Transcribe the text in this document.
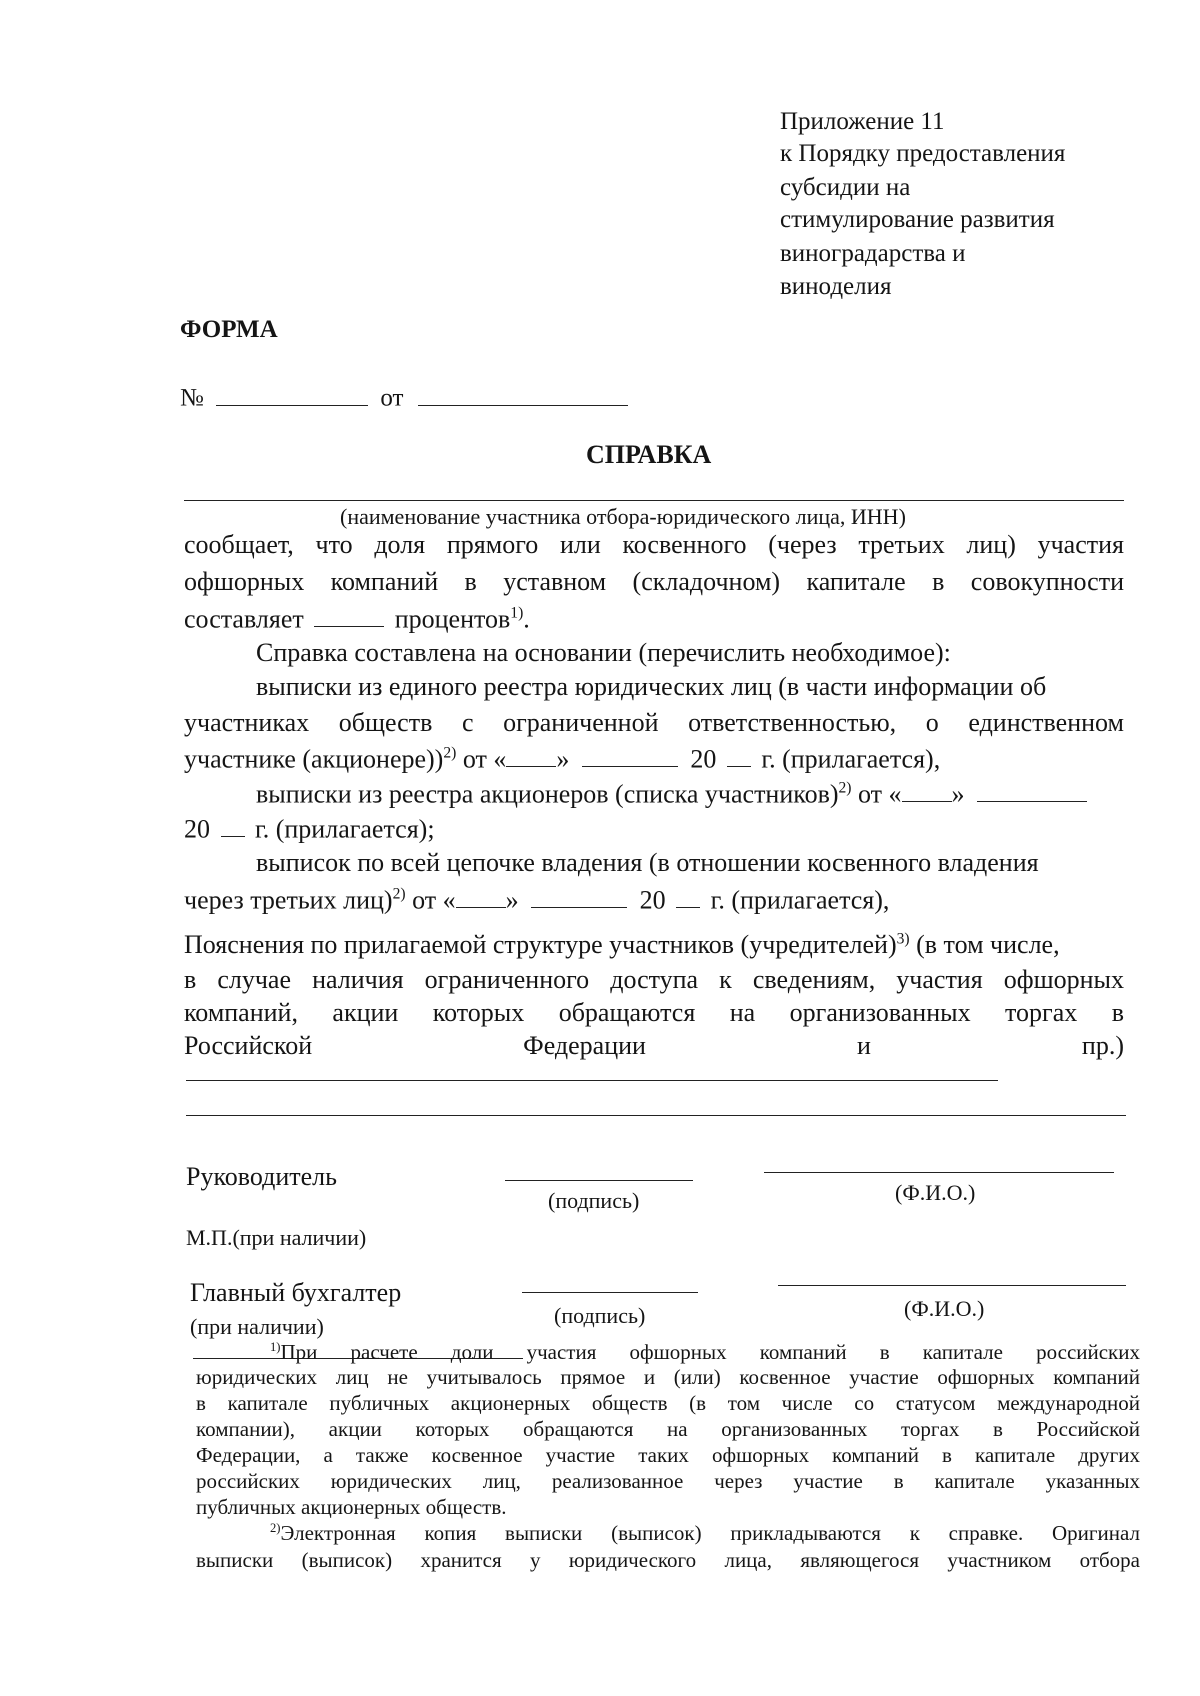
Приложение 11
к Порядку предоставления
субсидии на
стимулирование развития
виноградарства и
виноделия
ФОРМА
№	от
СПРАВКА
(наименование участника отбора-юридического лица, ИНН)
сообщает, что доля прямого или косвенного (через третьих лиц) участия
офшорных компаний в уставном (складочном) капитале в совокупности
составляет	процентов$^{1)}$.
Справка составлена на основании (перечислить необходимое):
выписки из единого реестра юридических лиц (в части информации об
участниках обществ с ограниченной ответственностью, о единственном
участнике (акционере))$^{2)}$ от « »	20 г. (прилагается),
выписки из реестра акционеров (списка участников)$^{2)}$ от « »
20 г. (прилагается);
выписок по всей цепочке владения (в отношении косвенного владения
через третьих лиц)$^{2)}$ от « »	20 г. (прилагается),
Пояснения по прилагаемой структуре участников (учредителей)$^{3)}$ (в том числе,
в случае наличия ограниченного доступа к сведениям, участия офшорных
компаний, акции которых обращаются на организованных торгах в
Российской Федерации и пр.)
Руководитель
(подпись)	(Ф.И.О.)
М.П.(при наличии)
Главный бухгалтер
(при наличии)	(подпись)	(Ф.И.О.)
$^{1)}$При расчете доли участия офшорных компаний в капитале российских
юридических лиц не учитывалось прямое и (или) косвенное участие офшорных компаний
в капитале публичных акционерных обществ (в том числе со статусом международной
компании), акции которых обращаются на организованных торгах в Российской
Федерации, а также косвенное участие таких офшорных компаний в капитале других
российских юридических лиц, реализованное через участие в капитале указанных
публичных акционерных обществ.
$^{2)}$Электронная копия выписки (выписок) прикладываются к справке. Оригинал
выписки (выписок) хранится у юридического лица, являющегося участником отбора
